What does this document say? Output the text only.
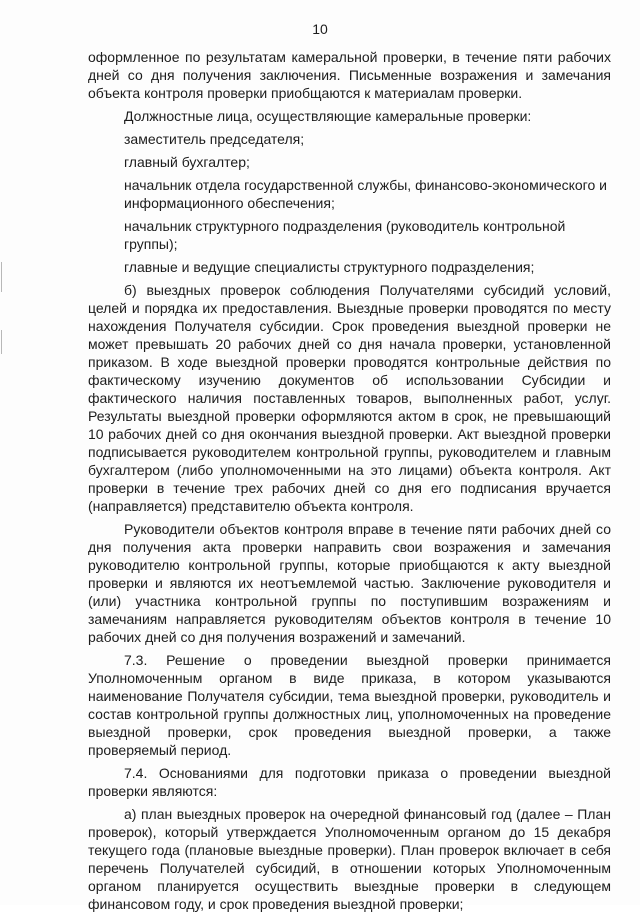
10

оформленное по результатам камеральной проверки, в течение пяти рабочих дней со дня получения заключения. Письменные возражения и замечания объекта контроля проверки приобщаются к материалам проверки.

Должностные лица, осуществляющие камеральные проверки:

заместитель председателя;

главный бухгалтер;

начальник отдела государственной службы, финансово-экономического и информационного обеспечения;

начальник структурного подразделения (руководитель контрольной группы);

главные и ведущие специалисты структурного подразделения;

б) выездных проверок соблюдения Получателями субсидий условий, целей и порядка их предоставления. Выездные проверки проводятся по месту нахождения Получателя субсидии. Срок проведения выездной проверки не может превышать 20 рабочих дней со дня начала проверки, установленной приказом. В ходе выездной проверки проводятся контрольные действия по фактическому изучению документов об использовании Субсидии и фактического наличия поставленных товаров, выполненных работ, услуг. Результаты выездной проверки оформляются актом в срок, не превышающий 10 рабочих дней со дня окончания выездной проверки. Акт выездной проверки подписывается руководителем контрольной группы, руководителем и главным бухгалтером (либо уполномоченными на это лицами) объекта контроля. Акт проверки в течение трех рабочих дней со дня его подписания вручается (направляется) представителю объекта контроля.

Руководители объектов контроля вправе в течение пяти рабочих дней со дня получения акта проверки направить свои возражения и замечания руководителю контрольной группы, которые приобщаются к акту выездной проверки и являются их неотъемлемой частью. Заключение руководителя и (или) участника контрольной группы по поступившим возражениям и замечаниям направляется руководителям объектов контроля в течение 10 рабочих дней со дня получения возражений и замечаний.

7.3. Решение о проведении выездной проверки принимается Уполномоченным органом в виде приказа, в котором указываются наименование Получателя субсидии, тема выездной проверки, руководитель и состав контрольной группы должностных лиц, уполномоченных на проведение выездной проверки, срок проведения выездной проверки, а также проверяемый период.

7.4. Основаниями для подготовки приказа о проведении выездной проверки являются:

а) план выездных проверок на очередной финансовый год (далее – План проверок), который утверждается Уполномоченным органом до 15 декабря текущего года (плановые выездные проверки). План проверок включает в себя перечень Получателей субсидий, в отношении которых Уполномоченным органом планируется осуществить выездные проверки в следующем финансовом году, и срок проведения выездной проверки;
